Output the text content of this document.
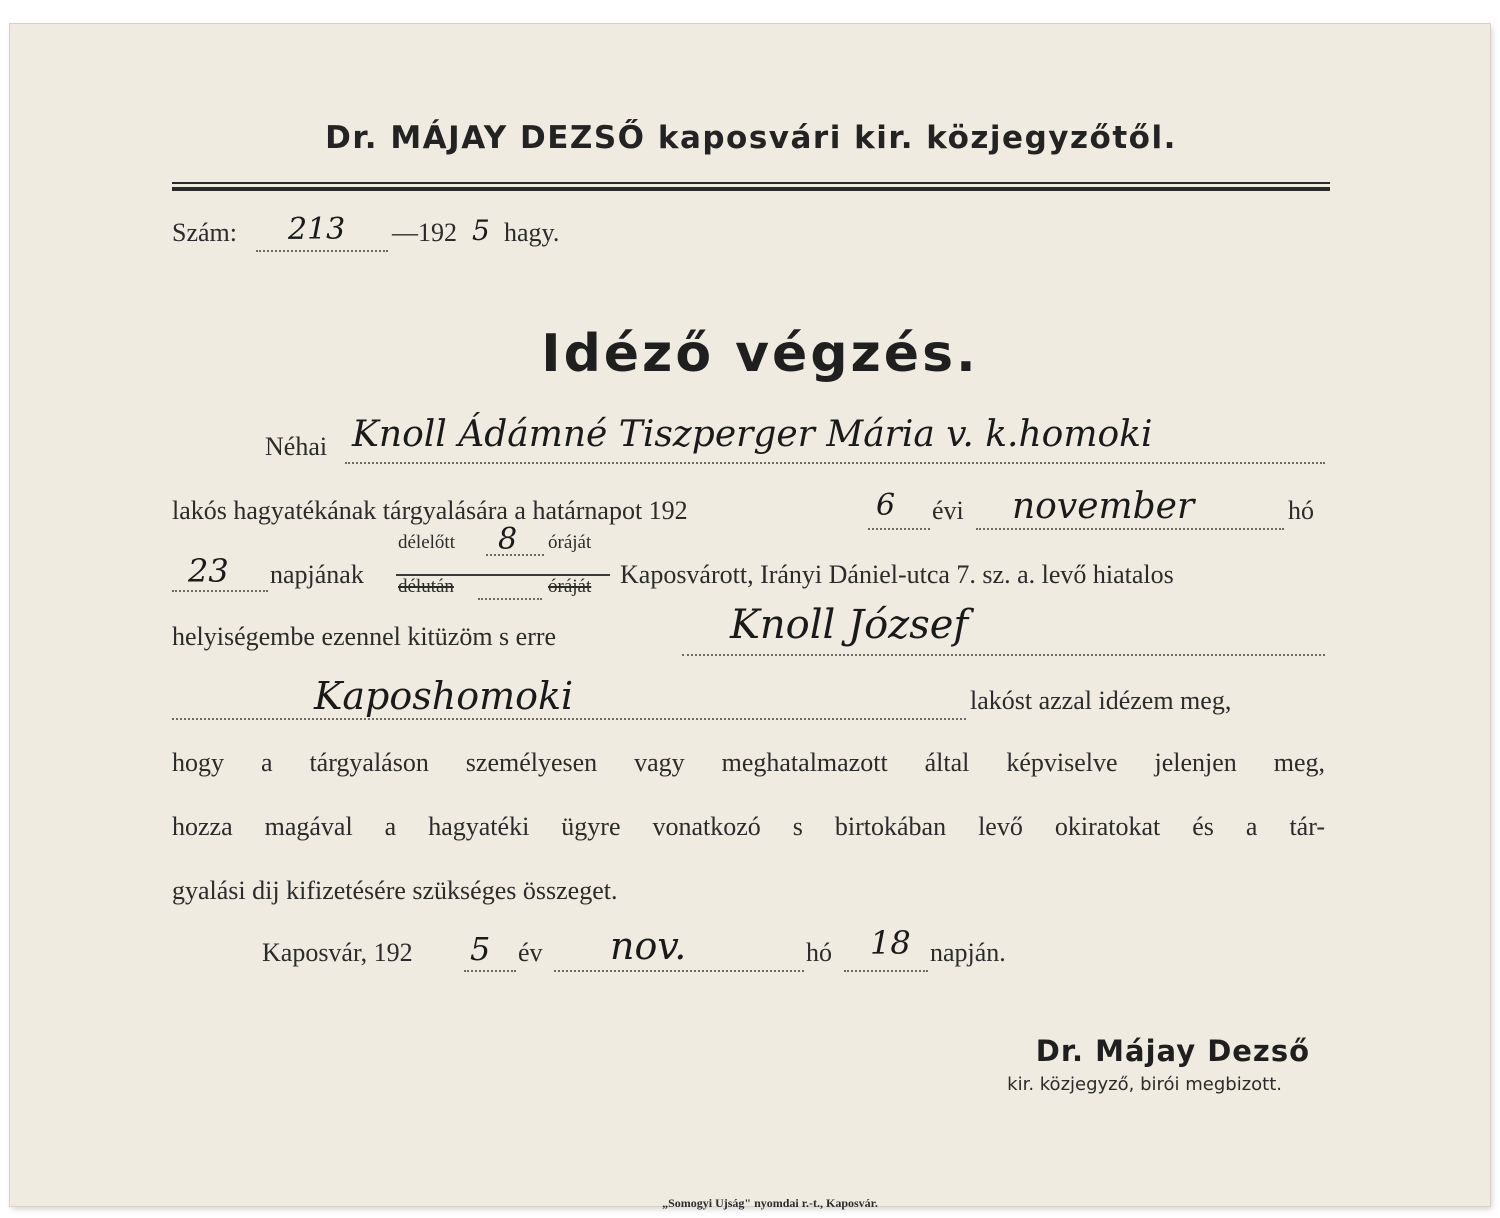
Dr. MÁJAY DEZSŐ kaposvári kir. közjegyzőtől.
Szám: 213 —192 5 hagy.
Idéző végzés.
Néhai Knoll Ádámné Tiszperger Mária v. k.homoki
lakós hagyatékának tárgyalására a határnapot 192	6 évi november	hó
23 napjának
délelőtt 8 óráját
délután	óráját Kaposvárott, Irányi Dániel-utca 7. sz. a. levő hiatalos
helyiségembe ezennel kitüzöm s erre	Knoll József
Kaposhomoki	lakóst azzal idézem meg,
hogy a tárgyaláson személyesen vagy meghatalmazott által képviselve jelenjen meg,
hozza magával a hagyatéki ügyre vonatkozó s birtokában levő okiratokat és a tár-
gyalási dij kifizetésére szükséges összeget.
Kaposvár, 192 5 év nov.	hó 18 napján.
Dr. Májay Dezső
kir. közjegyző, birói megbizott.
„Somogyi Ujság" nyomdai r.-t., Kaposvár.
